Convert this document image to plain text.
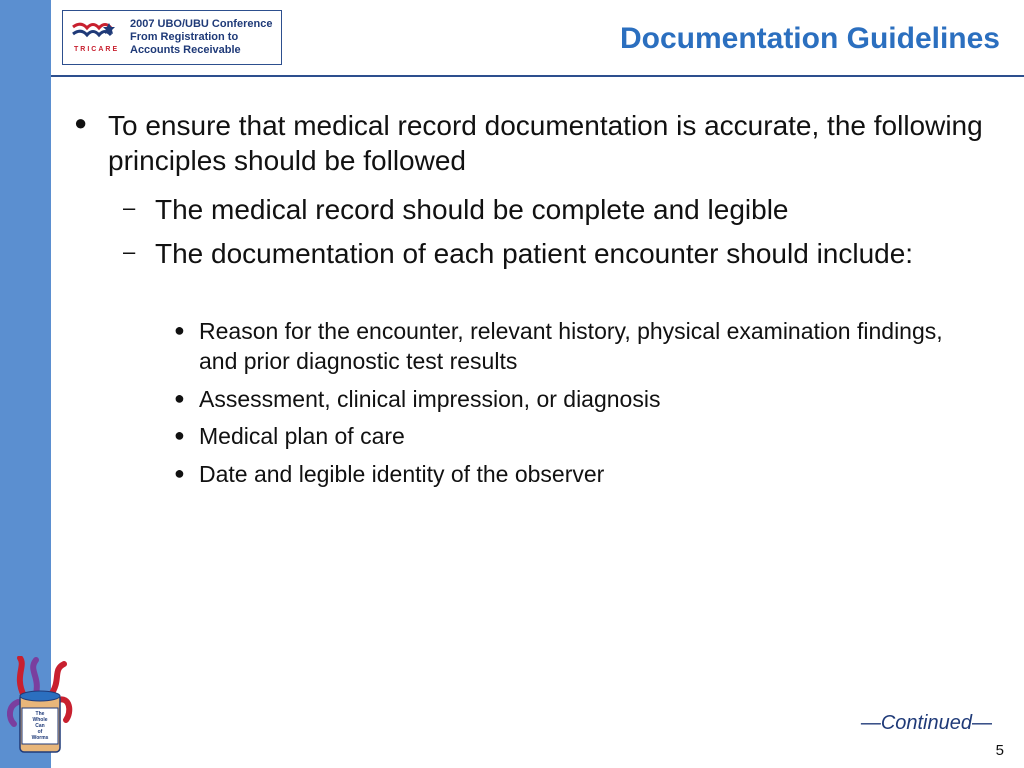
TRICARE
2007 UBO/UBU Conference
From Registration to
Accounts Receivable	Documentation Guidelines
● To ensure that medical record documentation is accurate, the following principles should be followed
– The medical record should be complete and legible
– The documentation of each patient encounter should include:
● Reason for the encounter, relevant history, physical examination findings, and prior diagnostic test results
● Assessment, clinical impression, or diagnosis
● Medical plan of care
● Date and legible identity of the observer
The
Whole
Can
of
Worms
—Continued—
5
